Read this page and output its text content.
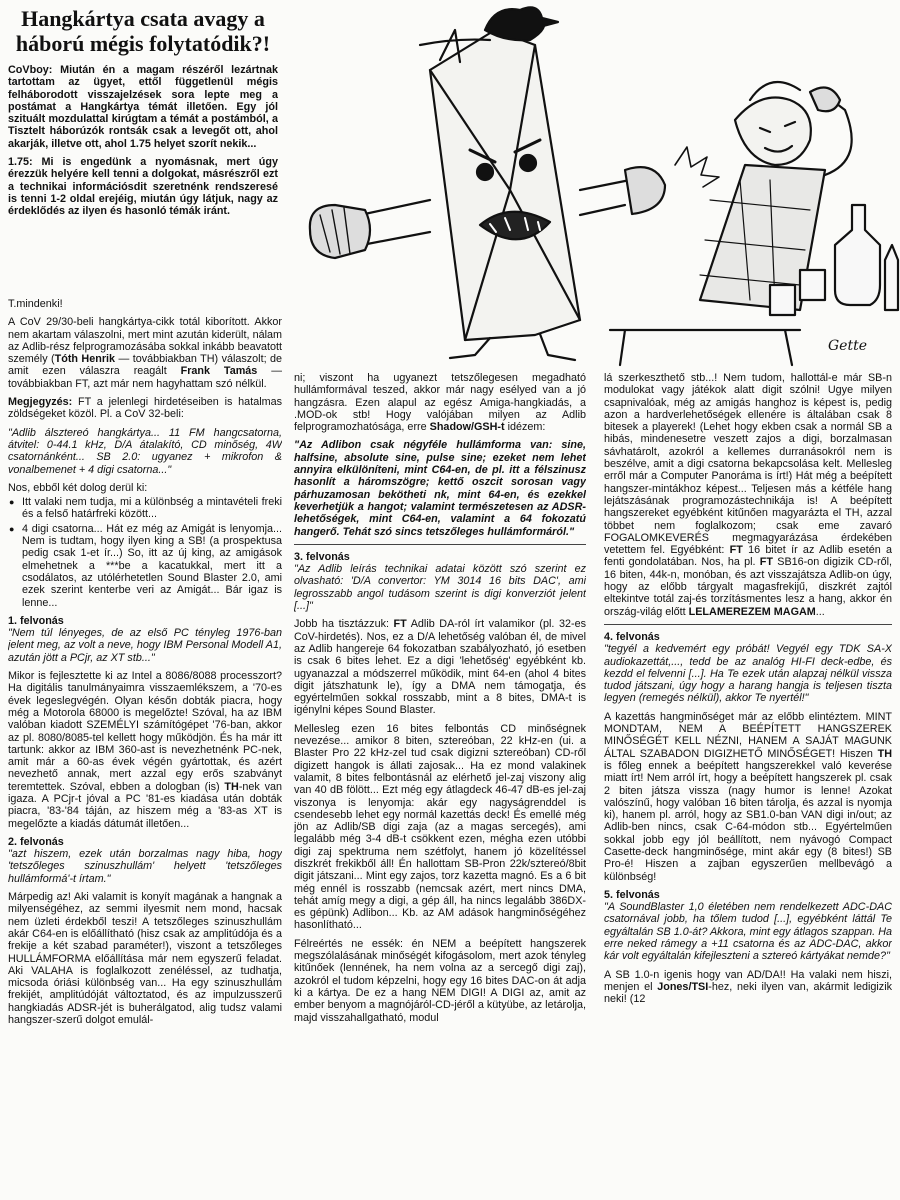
Hangkártya csata avagy a háború mégis folytatódik?!

CoVboy: Miután én a magam részéről lezártnak tartottam az ügyet, ettől függetlenül mégis felháborodott visszajelzések sora lepte meg a postámat a Hangkártya témát illetően. Egy jól szituált mozdulattal kirúgtam a témát a postámból, a Tisztelt háborúzók rontsák csak a levegőt ott, ahol akarják, illetve ott, ahol 1.75 helyet szorít nekik...

1.75: Mi is engedünk a nyomásnak, mert úgy érezzük helyére kell tenni a dolgokat, másrészről ezt a technikai információsdit szeretnénk rendszeresé is tenni 1-2 oldal erejéig, miután úgy látjuk, nagy az érdeklődés az ilyen és hasonló témák iránt.

Gette

T.mindenki!

A CoV 29/30-beli hangkártya-cikk totál kiborított. Akkor nem akartam válaszolni, mert mint azután kiderült, nálam az Adlib-rész felprogramozásába sokkal inkább beavatott személy (Tóth Henrik — továbbiakban TH) válaszolt; de amit ezen válaszra reagált Frank Tamás — továbbiakban FT, azt már nem hagyhattam szó nélkül.

Megjegyzés: FT a jelenlegi hirdetéseiben is hatalmas zöldségeket közöl. Pl. a CoV 32-beli:

"Adlib álsztereó hangkártya... 11 FM hangcsatorna, átvitel: 0-44.1 kHz, D/A átalakító, CD minőség, 4W csatornánként... SB 2.0: ugyanez + mikrofon & vonalbemenet + 4 digi csatorna..."

Nos, ebből két dolog derül ki:

● Itt valaki nem tudja, mi a különbség a mintavételi freki és a felső határfreki között...
● 4 digi csatorna... Hát ez még az Amigát is lenyomja... Nem is tudtam, hogy ilyen king a SB! (a prospektusa pedig csak 1-et ír...) So, itt az új king, az amigások elmehetnek a ***be a kacatukkal, mert itt a csodálatos, az utólérhetetlen Sound Blaster 2.0, ami ezek szerint kenterbe veri az Amigát... Bár igaz is lenne...
1. felvonás

"Nem túl lényeges, de az első PC tényleg 1976-ban jelent meg, az volt a neve, hogy IBM Personal Modell A1, azután jött a PCjr, az XT stb..."

Mikor is fejlesztette ki az Intel a 8086/8088 processzort? Ha digitális tanulmányaimra visszaemlékszem, a '70-es évek legeslegvégén. Olyan későn dobták piacra, hogy még a Motorola 68000 is megelőzte! Szóval, ha az IBM valóban kiadott SZEMÉLYI számítógépet '76-ban, akkor az pl. 8080/8085-tel kellett hogy működjön. És ha már itt tartunk: akkor az IBM 360-ast is nevezhetnénk PC-nek, amit már a 60-as évek végén gyártottak, és azért nevezhető annak, mert azzal egy erős szabványt teremtettek. Szóval, ebben a dologban (is) TH-nek van igaza. A PCjr-t jóval a PC '81-es kiadása után dobták piacra, '83-'84 táján, az hiszem még a '83-as XT is megelőzte a kiadás dátumát illetően...

2. felvonás

"azt hiszem, ezek után borzalmas nagy hiba, hogy 'tetszőleges szinuszhullám' helyett 'tetszőleges hullámformá'-t írtam."

Márpedig az! Aki valamit is konyít magának a hangnak a milyenségéhez, az semmi ilyesmit nem mond, hacsak nem üzleti érdekből teszi! A tetszőleges szinuszhullám akár C64-en is előállítható (hisz csak az amplitúdója és a frekije a két szabad paraméter!), viszont a tetszőleges HULLÁMFORMA előállítása már nem egyszerű feladat. Aki VALAHA is foglalkozott zenéléssel, az tudhatja, micsoda óriási különbség van... Ha egy szinuszhullám frekijét, amplitúdóját változtatod, és az impulzusszerű hangkiadás ADSR-jét is buherálgatod, alig tudsz valami hangszer-szerű dolgot emulál-

ni; viszont ha ugyanezt tetszőlegesen megadható hullámformával teszed, akkor már nagy esélyed van a jó hangzásra. Ezen alapul az egész Amiga-hangkiadás, a .MOD-ok stb! Hogy valójában milyen az Adlib felprogramozhatósága, erre Shadow/GSH-t idézem:

"Az Adlibon csak négyféle hullámforma van: sine, halfsine, absolute sine, pulse sine; ezeket nem lehet annyira elkülöníteni, mint C64-en, de pl. itt a félszinusz hasonlít a háromszögre; kettő oszcit sorosan vagy párhuzamosan bekötheti nk, mint 64-en, és ezekkel keverhetjük a hangot; valamint természetesen az ADSR-lehetőségek, mint C64-en, valamint a 64 fokozatú hangerő. Tehát szó sincs tetszőleges hullámformáról."

3. felvonás

"Az Adlib leírás technikai adatai között szó szerint ez olvasható: 'D/A convertor: YM 3014 16 bits DAC', ami legrosszabb angol tudásom szerint is digi konverziót jelent [...]"

Jobb ha tisztázzuk: FT Adlib DA-ról írt valamikor (pl. 32-es CoV-hirdetés). Nos, ez a D/A lehetőség valóban él, de mivel az Adlib hangereje 64 fokozatban szabályozható, jó esetben is csak 6 bites lehet. Ez a digi 'lehetőség' egyébként kb. ugyanazzal a módszerrel működik, mint 64-en (ahol 4 bites digit játszhatunk le), így a DMA nem támogatja, és egyértelműen sokkal rosszabb, mint a 8 bites, DMA-t is igénylni képes Sound Blaster.

Mellesleg ezen 16 bites felbontás CD minőségnek nevezése... amikor 8 biten, sztereóban, 22 kHz-en (ui. a Blaster Pro 22 kHz-zel tud csak digizni sztereóban) CD-ről digizett hangok is állati zajosak... Ha ez mond valakinek valamit, 8 bites felbontásnál az elérhető jel-zaj viszony alig van 40 dB fölött... Ezt még egy átlagdeck 46-47 dB-es jel-zaj viszonya is lenyomja: akár egy nagyságrenddel is csendesebb lehet egy normál kazettás deck! És emellé még jön az Adlib/SB digi zaja (az a magas sercegés), ami legalább még 3-4 dB-t csökkent ezen, mégha ezen utóbbi digi zaj spektruma nem szétfolyt, hanem jó közelítéssel diszkrét frekikből áll! Én hallottam SB-Pron 22k/sztereó/8bit digit játszani... Mint egy zajos, torz kazetta magnó. Es a 6 bit még ennél is rosszabb (nemcsak azért, mert nincs DMA, tehát amíg megy a digi, a gép áll, ha nincs legalább 386DX-es gépünk) Adlibon... Kb. az AM adások hangminőségéhez hasonlítható...

Félreértés ne essék: én NEM a beépített hangszerek megszólalásának minőségét kifogásolom, mert azok tényleg kitűnőek (lennének, ha nem volna az a sercegő digi zaj), azokról el tudom képzelni, hogy egy 16 bites DAC-on át adja ki a kártya. De ez a hang NEM DIGI! A DIGI az, amit az ember benyom a magnójáról-CD-jéről a kütyübe, az letárolja, majd visszahallgatható, modul

lá szerkeszthető stb...! Nem tudom, hallottál-e már SB-n modulokat vagy játékok alatt digit szólni! Ugye milyen csapnivalóak, még az amigás hanghoz is képest is, pedig azon a hardverlehetőségek ellenére is általában csak 8 bitesek a playerek! (Lehet hogy ekben csak a normál SB a hibás, mindenesetre veszett zajos a digi, borzalmasan sávhatárolt, azokról a kellemes durranásokról nem is beszélve, amit a digi csatorna bekapcsolása kelt. Mellesleg erről már a Computer Panoráma is írt!) Hát még a beépített hangszer-mintákhoz képest... Teljesen más a kétféle hang lejátszásának programozástechnikája is! A beépített hangszereket egyébként kitűnően magyarázta el TH, azzal többet nem foglalkozom; csak eme zavaró FOGALOMKEVERÉS megmagyarázása érdekében vetettem fel. Egyébként: FT 16 bitet ír az Adlib esetén a fenti gondolatában. Nos, ha pl. FT SB16-on digizik CD-ről, 16 biten, 44k-n, monóban, és azt visszajátsza Adlib-on úgy, hogy az előbb tárgyalt magasfrekijű, diszkrét zajtól eltekintve totál zaj-és torzításmentes lesz a hang, akkor én ország-világ előtt LELAMEREZEM MAGAM...

4. felvonás

"tegyél a kedvemért egy próbát! Vegyél egy TDK SA-X audiokazettát,..., tedd be az analóg HI-FI deck-edbe, és kezdd el felvenni [...]. Ha Te ezek után alapzaj nélkül vissza tudod játszani, úgy hogy a harang hangja is teljesen tiszta legyen (remegés nélkül), akkor Te nyertél!"

A kazettás hangminőséget már az előbb elintéztem. MINT MONDTAM, NEM A BEÉPÍTETT HANGSZEREK MINŐSÉGÉT KELL NÉZNI, HANEM A SAJÁT MAGUNK ÁLTAL SZABADON DIGIZHETŐ MINŐSÉGET! Hiszen TH is főleg ennek a beépített hangszerekkel való keverése miatt írt! Nem arról írt, hogy a beépített hangszerek pl. csak 2 biten játsza vissza (nagy humor is lenne! Azokat valószínű, hogy valóban 16 biten tárolja, és azzal is nyomja ki), hanem pl. arról, hogy az SB1.0-ban VAN digi in/out; az Adlib-ben nincs, csak C-64-módon stb... Egyértelműen sokkal jobb egy jól beállított, nem nyávogó Compact Casette-deck hangminősége, mint akár egy (8 bites!) SB Pro-é! Hiszen a zajban egyszerűen mellbevágó a különbség!

5. felvonás

"A SoundBlaster 1,0 életében nem rendelkezett ADC-DAC csatornával jobb, ha tőlem tudod [...], egyébként láttál Te egyáltalán SB 1.0-át? Akkora, mint egy átlagos szappan. Ha erre neked rámegy a +11 csatorna és az ADC-DAC, akkor kár volt egyáltalán kifejleszteni a sztereó kártyákat nemde?"

A SB 1.0-n igenis hogy van AD/DA!! Ha valaki nem hiszi, menjen el Jones/TSI-hez, neki ilyen van, akármit ledigizik neki! (12
